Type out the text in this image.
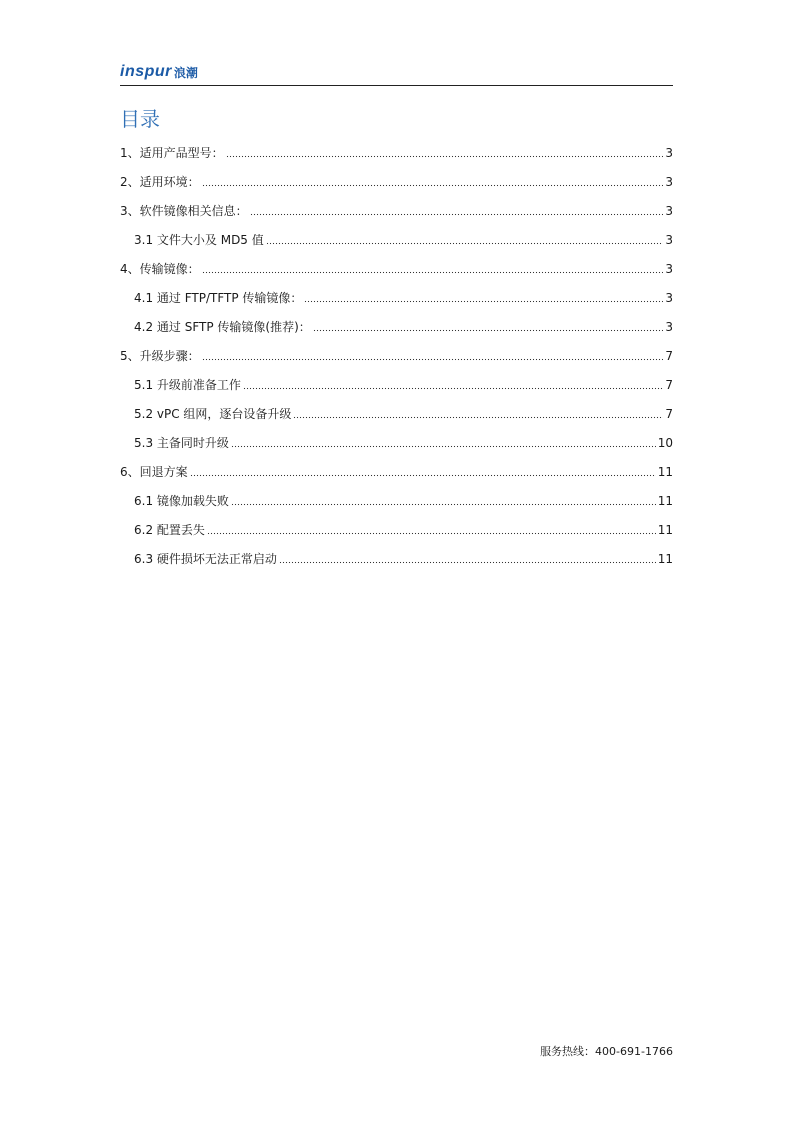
inspur 浪潮
目录
1、适用产品型号：	3
2、适用环境：	3
3、软件镜像相关信息：	3
3.1 文件大小及 MD5 值	3
4、传输镜像：	3
4.1 通过 FTP/TFTP 传输镜像：	3
4.2 通过 SFTP 传输镜像(推荐)：	3
5、升级步骤：	7
5.1 升级前准备工作	7
5.2 vPC 组网，逐台设备升级	7
5.3 主备同时升级	10
6、回退方案	11
6.1 镜像加载失败	11
6.2 配置丢失	11
6.3 硬件损坏无法正常启动	11
服务热线：400-691-1766
